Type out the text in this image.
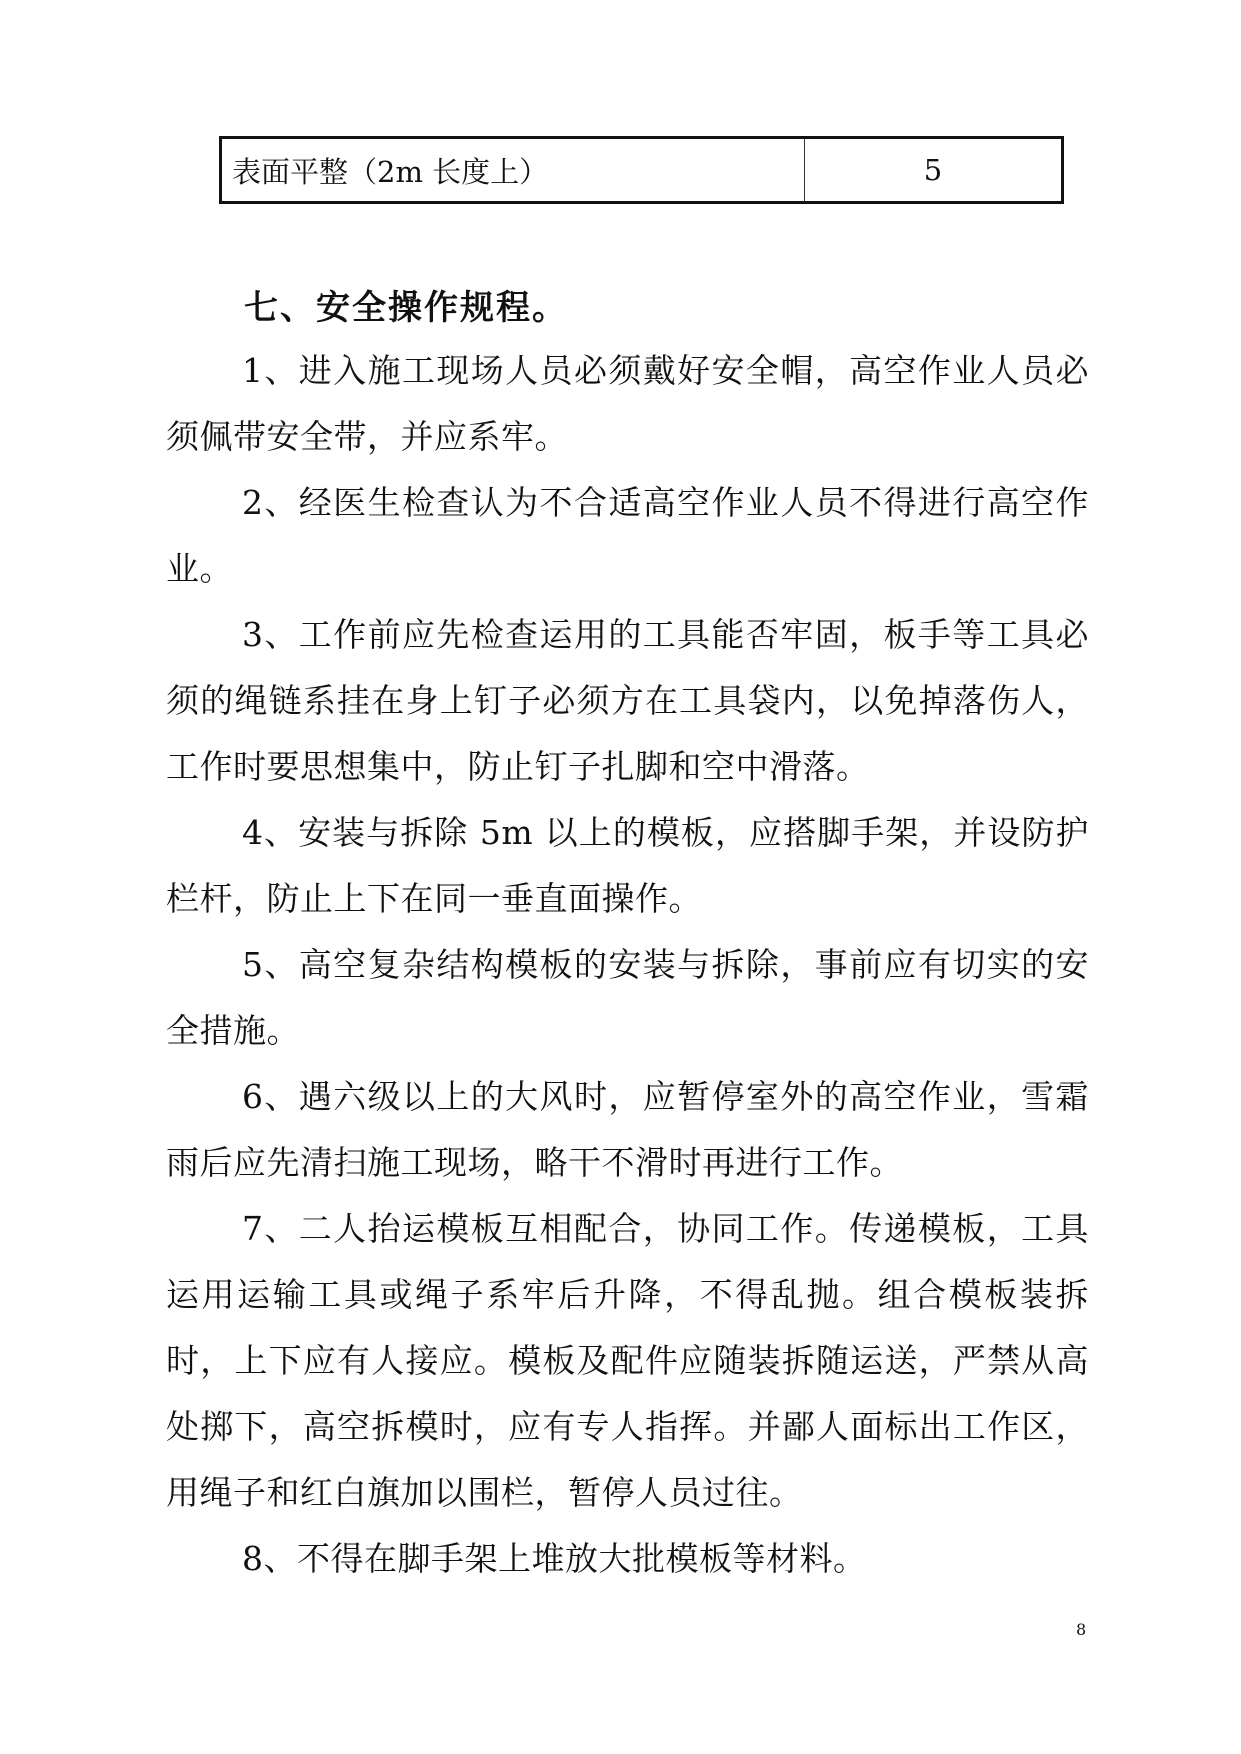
表面平整（2m 长度上）	5
七、安全操作规程。

1、进入施工现场人员必须戴好安全帽，高空作业人员必须佩带安全带，并应系牢。

2、经医生检查认为不合适高空作业人员不得进行高空作业。

3、工作前应先检查运用的工具能否牢固，板手等工具必须的绳链系挂在身上钉子必须方在工具袋内，以免掉落伤人，工作时要思想集中，防止钉子扎脚和空中滑落。

4、安装与拆除 5m 以上的模板，应搭脚手架，并设防护栏杆，防止上下在同一垂直面操作。

5、高空复杂结构模板的安装与拆除，事前应有切实的安全措施。

6、遇六级以上的大风时，应暂停室外的高空作业，雪霜雨后应先清扫施工现场，略干不滑时再进行工作。

7、二人抬运模板互相配合，协同工作。传递模板，工具运用运输工具或绳子系牢后升降，不得乱抛。组合模板装拆时，上下应有人接应。模板及配件应随装拆随运送，严禁从高处掷下，高空拆模时，应有专人指挥。并鄙人面标出工作区，用绳子和红白旗加以围栏，暂停人员过往。

8、不得在脚手架上堆放大批模板等材料。

8
